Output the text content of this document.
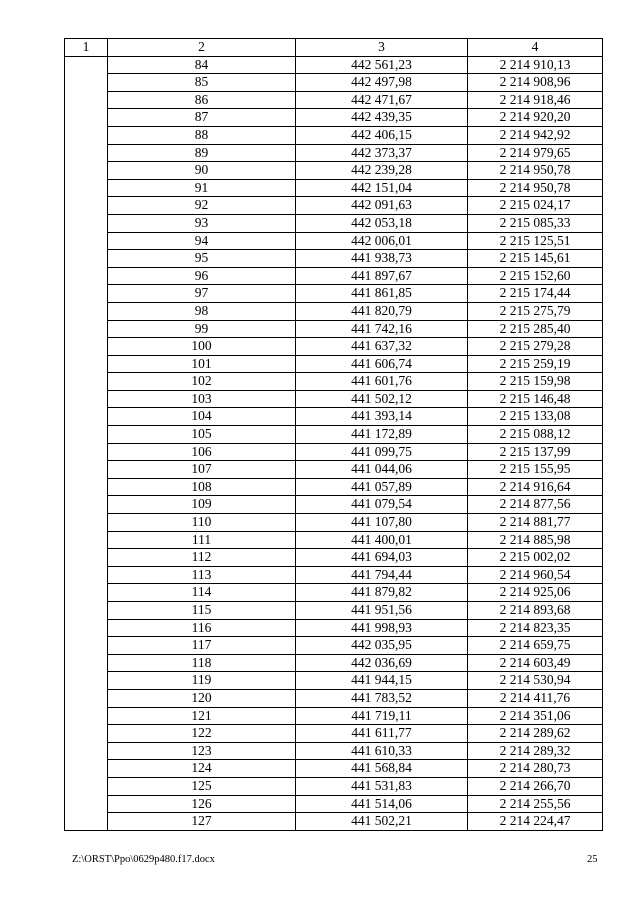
1	2	3	4
	84	442 561,23	2 214 910,13
	85	442 497,98	2 214 908,96
	86	442 471,67	2 214 918,46
	87	442 439,35	2 214 920,20
	88	442 406,15	2 214 942,92
	89	442 373,37	2 214 979,65
	90	442 239,28	2 214 950,78
	91	442 151,04	2 214 950,78
	92	442 091,63	2 215 024,17
	93	442 053,18	2 215 085,33
	94	442 006,01	2 215 125,51
	95	441 938,73	2 215 145,61
	96	441 897,67	2 215 152,60
	97	441 861,85	2 215 174,44
	98	441 820,79	2 215 275,79
	99	441 742,16	2 215 285,40
	100	441 637,32	2 215 279,28
	101	441 606,74	2 215 259,19
	102	441 601,76	2 215 159,98
	103	441 502,12	2 215 146,48
	104	441 393,14	2 215 133,08
	105	441 172,89	2 215 088,12
	106	441 099,75	2 215 137,99
	107	441 044,06	2 215 155,95
	108	441 057,89	2 214 916,64
	109	441 079,54	2 214 877,56
	110	441 107,80	2 214 881,77
	111	441 400,01	2 214 885,98
	112	441 694,03	2 215 002,02
	113	441 794,44	2 214 960,54
	114	441 879,82	2 214 925,06
	115	441 951,56	2 214 893,68
	116	441 998,93	2 214 823,35
	117	442 035,95	2 214 659,75
	118	442 036,69	2 214 603,49
	119	441 944,15	2 214 530,94
	120	441 783,52	2 214 411,76
	121	441 719,11	2 214 351,06
	122	441 611,77	2 214 289,62
	123	441 610,33	2 214 289,32
	124	441 568,84	2 214 280,73
	125	441 531,83	2 214 266,70
	126	441 514,06	2 214 255,56
	127	441 502,21	2 214 224,47
Z:\ORST\Ppo\0629p480.f17.docx	25
